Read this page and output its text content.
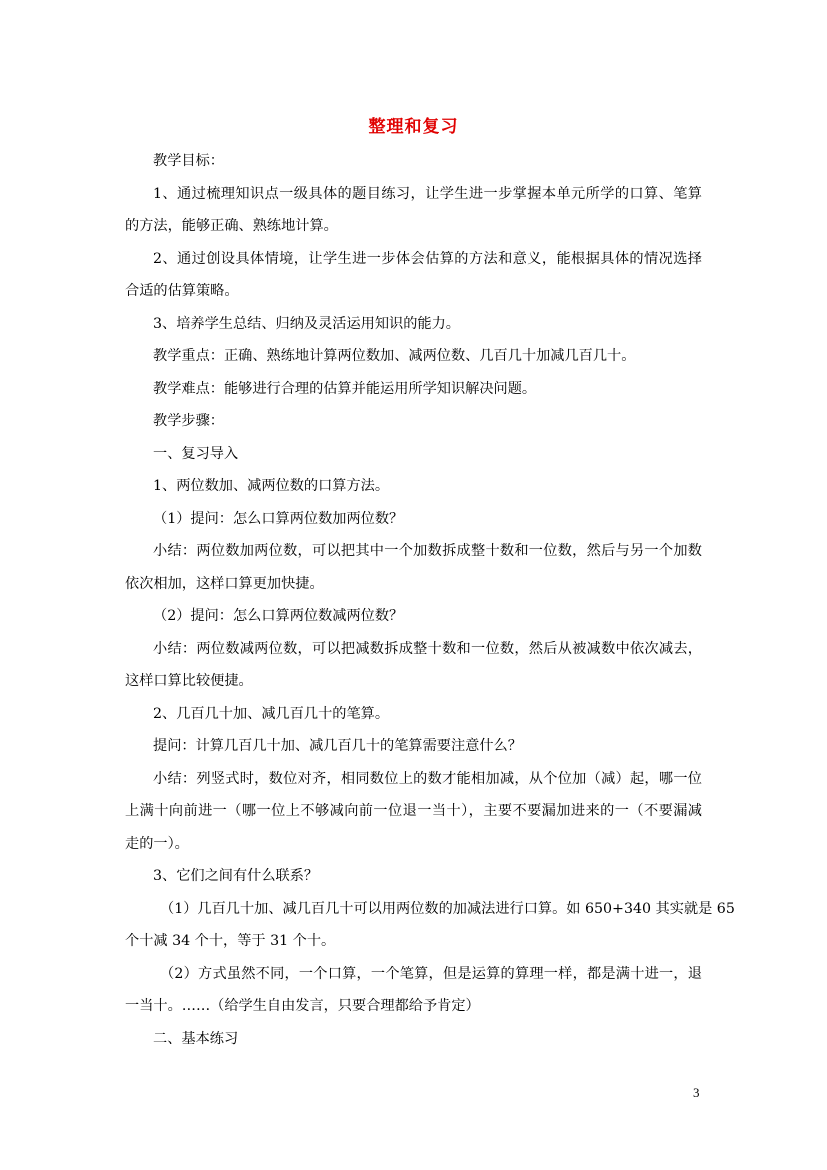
整理和复习
教学目标：
1、通过梳理知识点一级具体的题目练习，让学生进一步掌握本单元所学的口算、笔算
的方法，能够正确、熟练地计算。
2、通过创设具体情境，让学生进一步体会估算的方法和意义，能根据具体的情况选择
合适的估算策略。
3、培养学生总结、归纳及灵活运用知识的能力。
教学重点：正确、熟练地计算两位数加、减两位数、几百几十加减几百几十。
教学难点：能够进行合理的估算并能运用所学知识解决问题。
教学步骤：
一、复习导入
1、两位数加、减两位数的口算方法。
（1）提问：怎么口算两位数加两位数？
小结：两位数加两位数，可以把其中一个加数拆成整十数和一位数，然后与另一个加数
依次相加，这样口算更加快捷。
（2）提问：怎么口算两位数减两位数？
小结：两位数减两位数，可以把减数拆成整十数和一位数，然后从被减数中依次减去，
这样口算比较便捷。
2、几百几十加、减几百几十的笔算。
提问：计算几百几十加、减几百几十的笔算需要注意什么？
小结：列竖式时，数位对齐，相同数位上的数才能相加减，从个位加（减）起，哪一位
上满十向前进一（哪一位上不够减向前一位退一当十），主要不要漏加进来的一（不要漏减
走的一）。
3、它们之间有什么联系？
（1）几百几十加、减几百几十可以用两位数的加减法进行口算。如 650+340 其实就是 65
个十减 34 个十，等于 31 个十。
（2）方式虽然不同，一个口算，一个笔算，但是运算的算理一样，都是满十进一，退
一当十。……（给学生自由发言，只要合理都给予肯定）
二、基本练习
3
